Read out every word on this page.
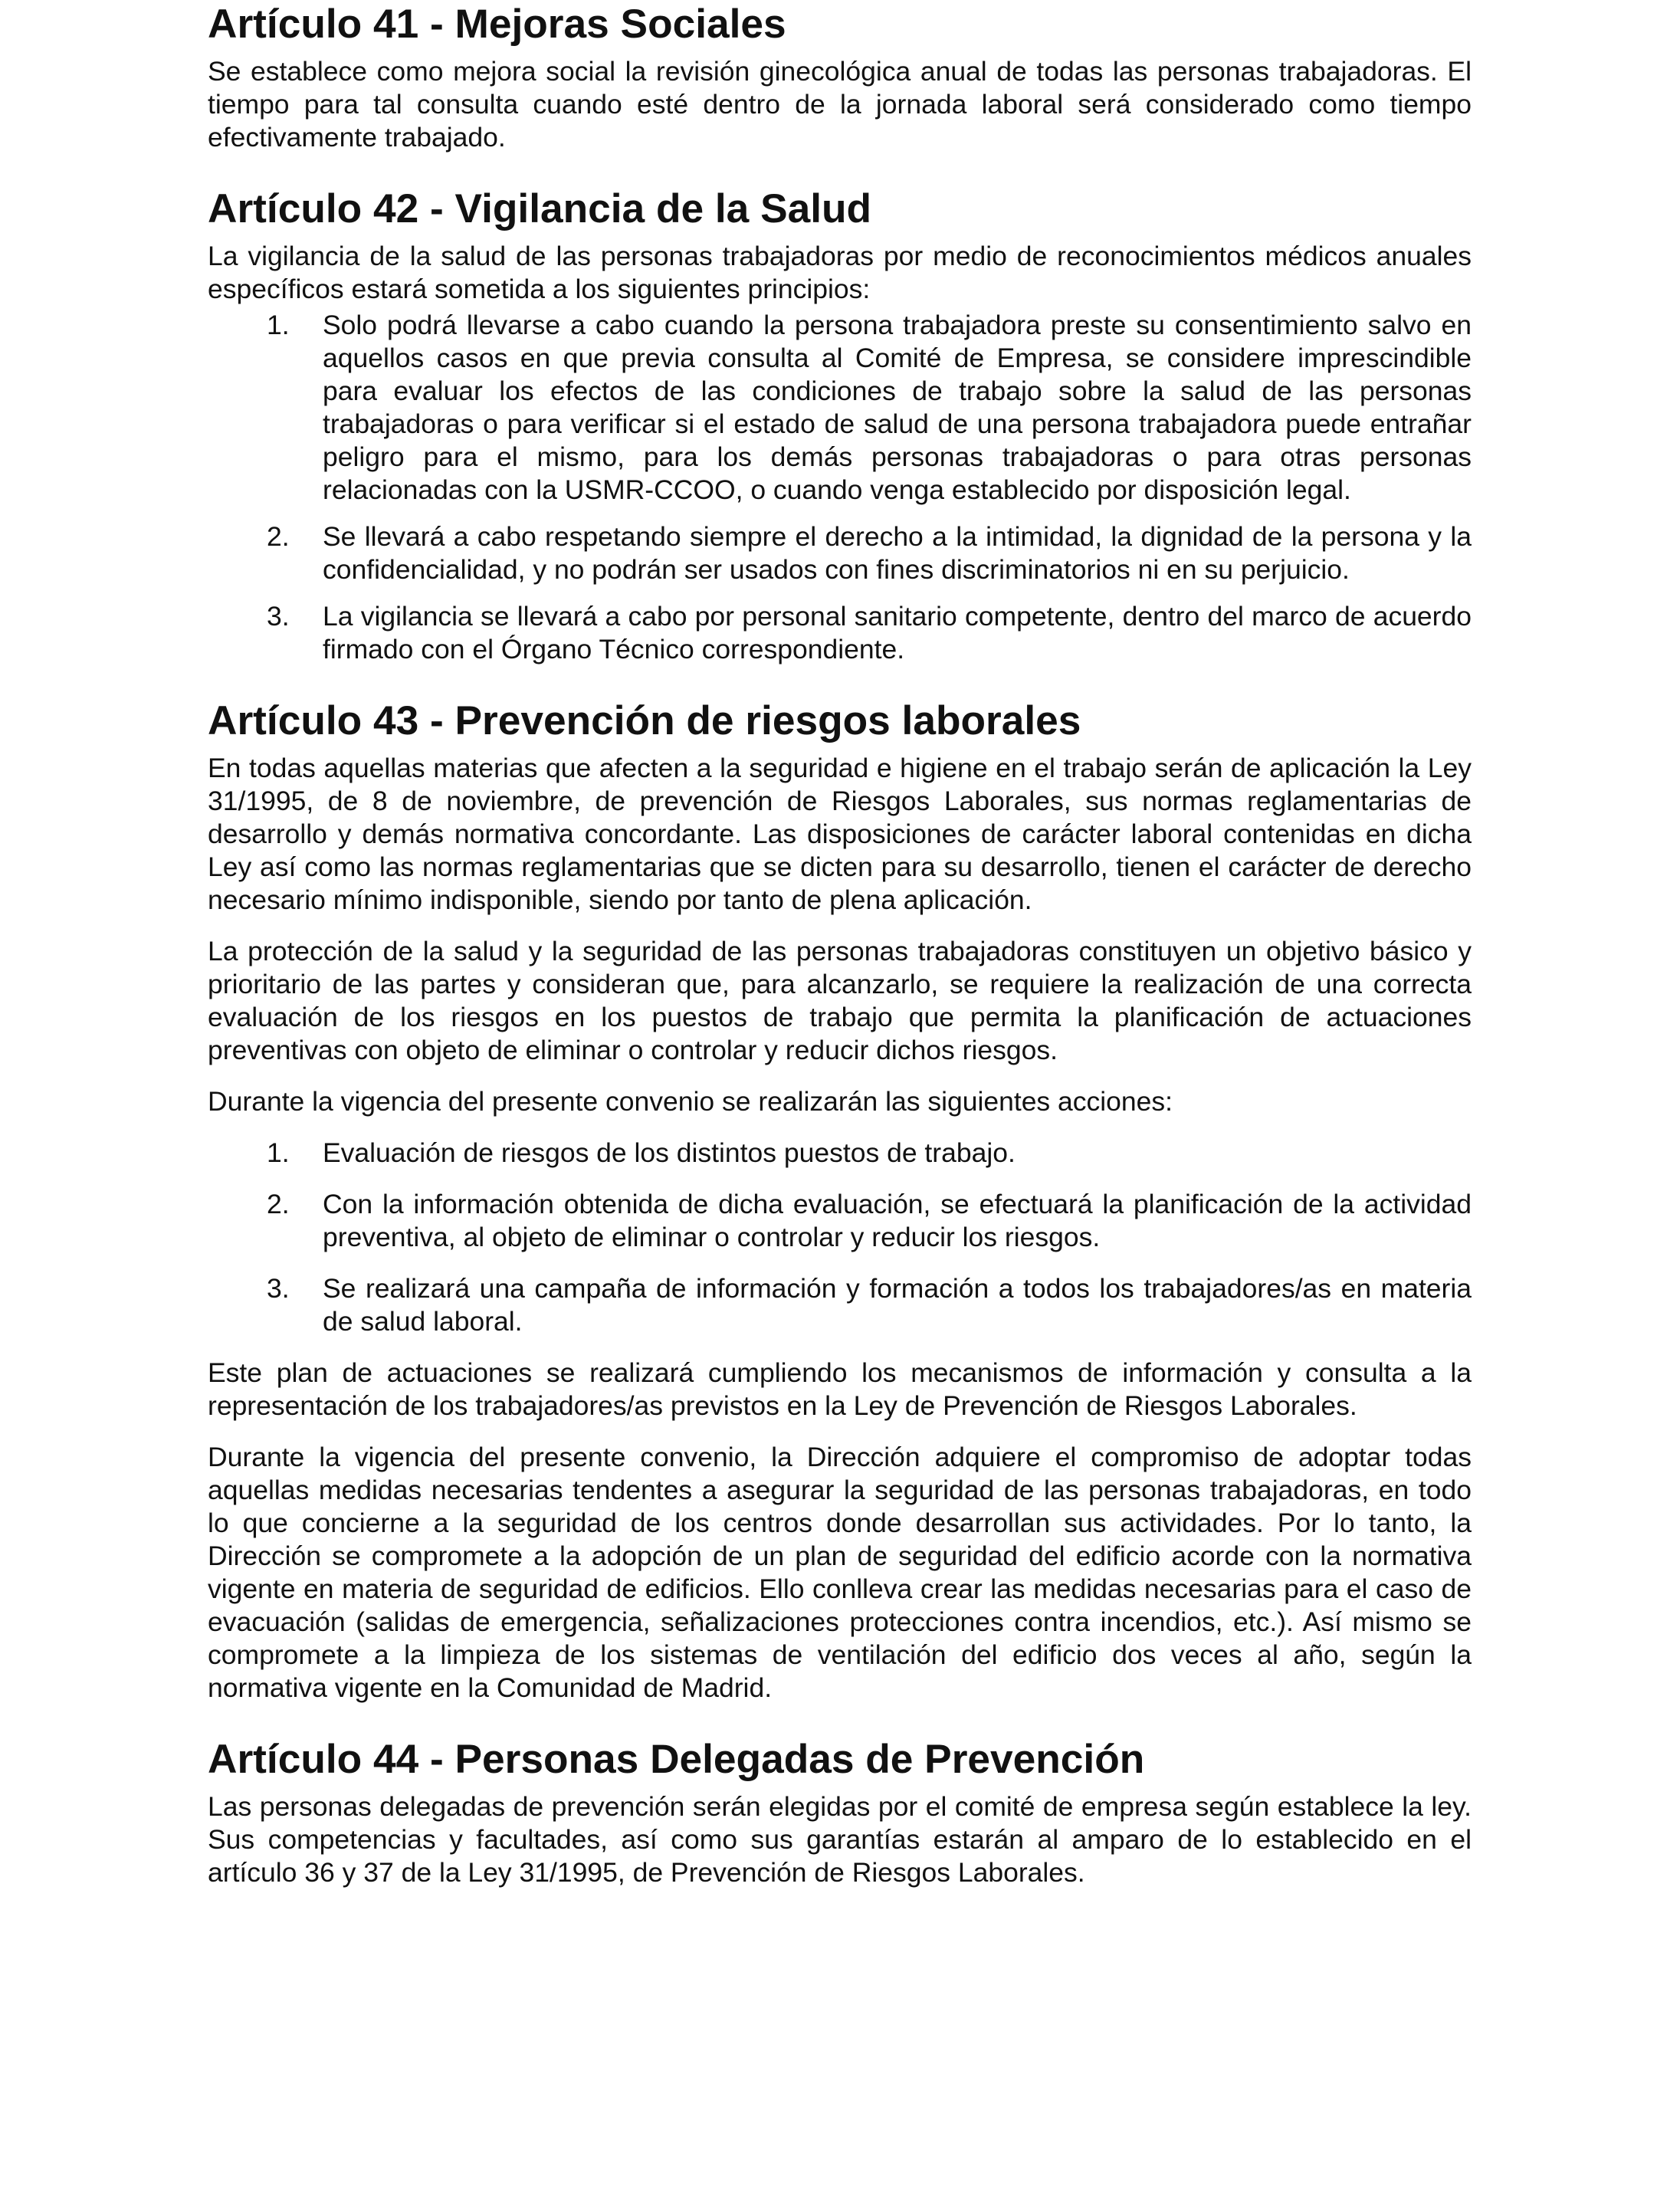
Artículo 41 - Mejoras Sociales

Se establece como mejora social la revisión ginecológica anual de todas las personas trabajadoras. El tiempo para tal consulta cuando esté dentro de la jornada laboral será considerado como tiempo efectivamente trabajado.

Artículo 42 - Vigilancia de la Salud

La vigilancia de la salud de las personas trabajadoras por medio de reconocimientos médicos anuales específicos estará sometida a los siguientes principios:

1.	Solo podrá llevarse a cabo cuando la persona trabajadora preste su consentimiento salvo en aquellos casos en que previa consulta al Comité de Empresa, se considere imprescindible para evaluar los efectos de las condiciones de trabajo sobre la salud de las personas trabajadoras o para verificar si el estado de salud de una persona trabajadora puede entrañar peligro para el mismo, para los demás personas trabajadoras o para otras personas relacionadas con la USMR-CCOO, o cuando venga establecido por disposición legal.
2.	Se llevará a cabo respetando siempre el derecho a la intimidad, la dignidad de la persona y la confidencialidad, y no podrán ser usados con fines discriminatorios ni en su perjuicio.
3.	La vigilancia se llevará a cabo por personal sanitario competente, dentro del marco de acuerdo firmado con el Órgano Técnico correspondiente.
Artículo 43 - Prevención de riesgos laborales

En todas aquellas materias que afecten a la seguridad e higiene en el trabajo serán de aplicación la Ley 31/1995, de 8 de noviembre, de prevención de Riesgos Laborales, sus normas reglamentarias de desarrollo y demás normativa concordante. Las disposiciones de carácter laboral contenidas en dicha Ley así como las normas reglamentarias que se dicten para su desarrollo, tienen el carácter de derecho necesario mínimo indisponible, siendo por tanto de plena aplicación.

La protección de la salud y la seguridad de las personas trabajadoras constituyen un objetivo básico y prioritario de las partes y consideran que, para alcanzarlo, se requiere la realización de una correcta evaluación de los riesgos en los puestos de trabajo que permita la planificación de actuaciones preventivas con objeto de eliminar o controlar y reducir dichos riesgos.

Durante la vigencia del presente convenio se realizarán las siguientes acciones:

1.	Evaluación de riesgos de los distintos puestos de trabajo.
2.	Con la información obtenida de dicha evaluación, se efectuará la planificación de la actividad preventiva, al objeto de eliminar o controlar y reducir los riesgos.
3.	Se realizará una campaña de información y formación a todos los trabajadores/as en materia de salud laboral.

Este plan de actuaciones se realizará cumpliendo los mecanismos de información y consulta a la representación de los trabajadores/as previstos en la Ley de Prevención de Riesgos Laborales.

Durante la vigencia del presente convenio, la Dirección adquiere el compromiso de adoptar todas aquellas medidas necesarias tendentes a asegurar la seguridad de las personas trabajadoras, en todo lo que concierne a la seguridad de los centros donde desarrollan sus actividades. Por lo tanto, la Dirección se compromete a la adopción de un plan de seguridad del edificio acorde con la normativa vigente en materia de seguridad de edificios. Ello conlleva crear las medidas necesarias para el caso de evacuación (salidas de emergencia, señalizaciones protecciones contra incendios, etc.). Así mismo se compromete a la limpieza de los sistemas de ventilación del edificio dos veces al año, según la normativa vigente en la Comunidad de Madrid.

Artículo 44 - Personas Delegadas de Prevención

Las personas delegadas de prevención serán elegidas por el comité de empresa según establece la ley. Sus competencias y facultades, así como sus garantías estarán al amparo de lo establecido en el artículo 36 y 37 de la Ley 31/1995, de Prevención de Riesgos Laborales.
